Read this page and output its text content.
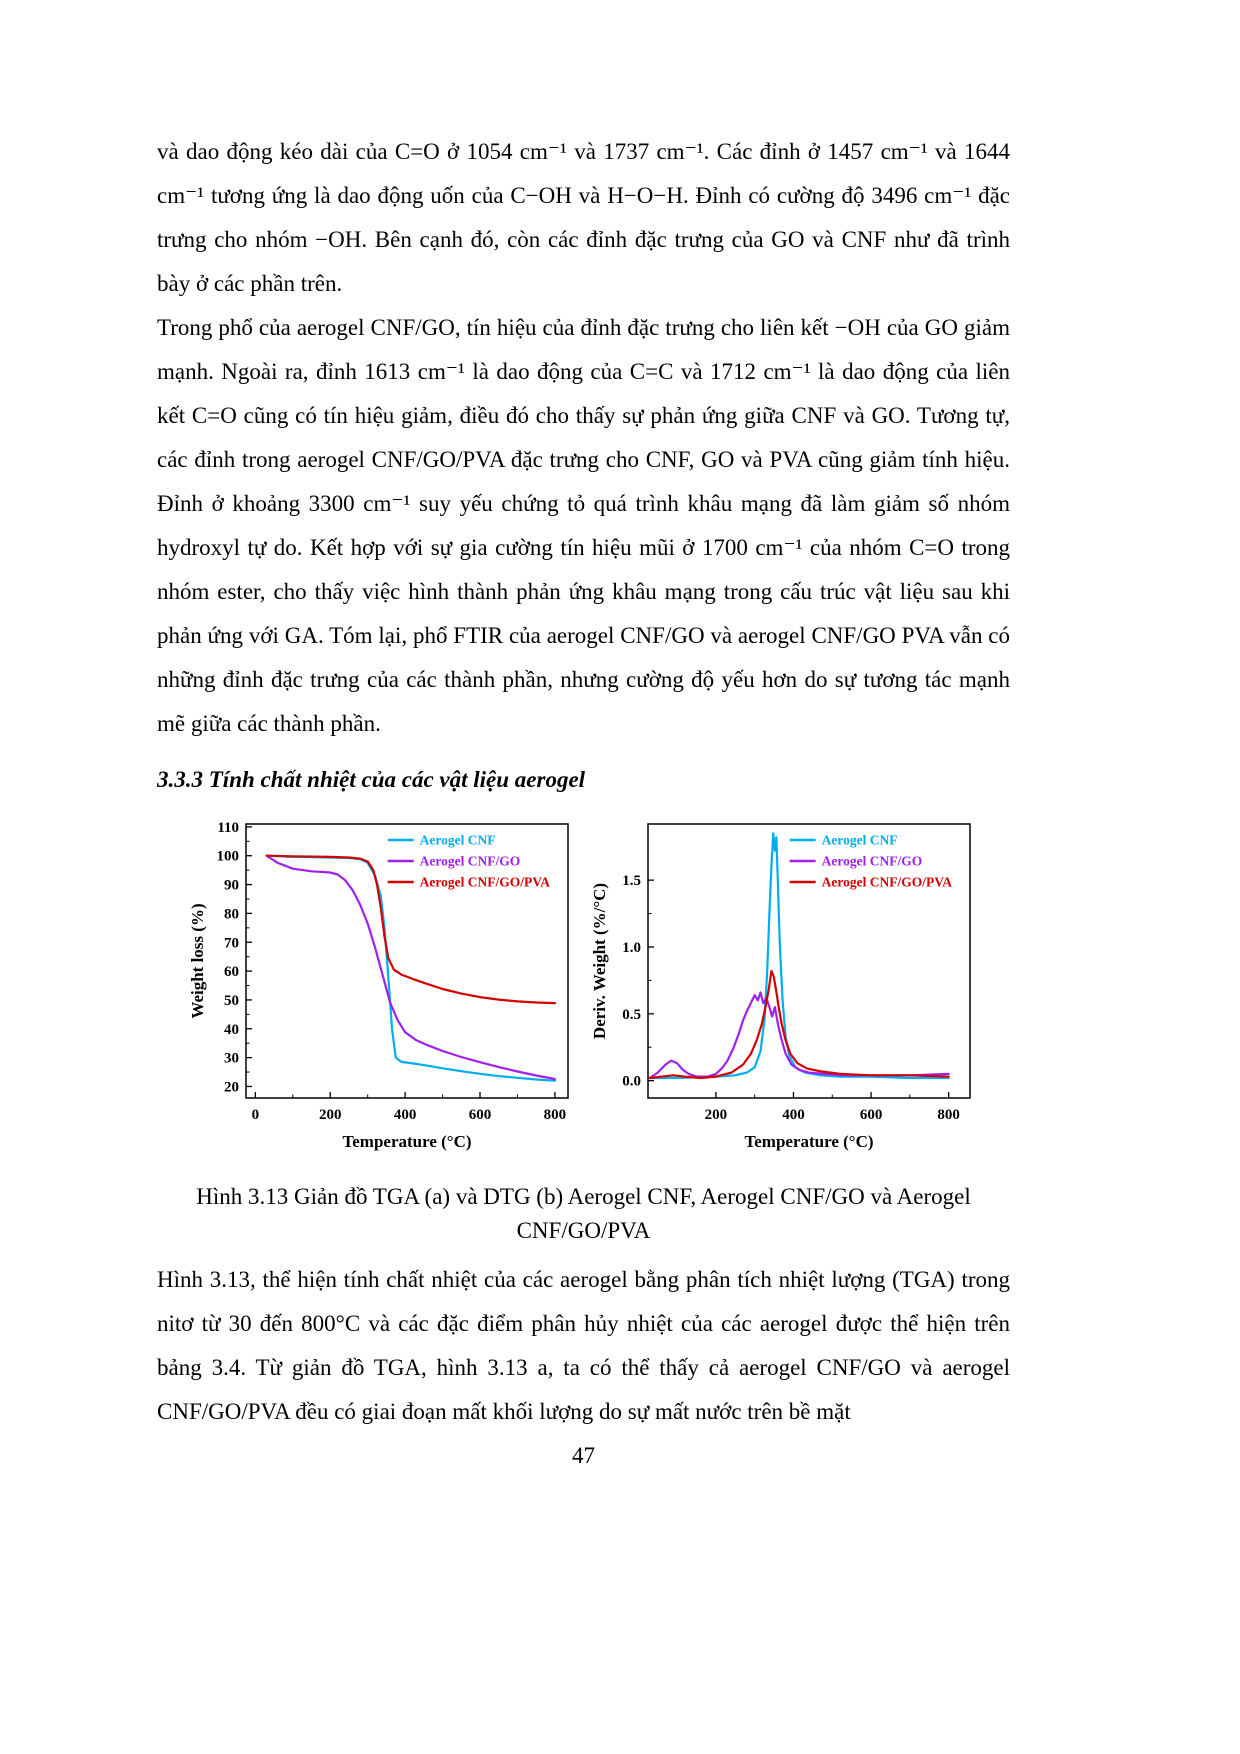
và dao động kéo dài của C=O ở 1054 cm⁻¹ và 1737 cm⁻¹. Các đỉnh ở 1457 cm⁻¹ và 1644 cm⁻¹ tương ứng là dao động uốn của C−OH và H−O−H. Đỉnh có cường độ 3496 cm⁻¹ đặc trưng cho nhóm −OH. Bên cạnh đó, còn các đỉnh đặc trưng của GO và CNF như đã trình bày ở các phần trên.

Trong phổ của aerogel CNF/GO, tín hiệu của đỉnh đặc trưng cho liên kết −OH của GO giảm mạnh. Ngoài ra, đỉnh 1613 cm⁻¹ là dao động của C=C và 1712 cm⁻¹ là dao động của liên kết C=O cũng có tín hiệu giảm, điều đó cho thấy sự phản ứng giữa CNF và GO. Tương tự, các đỉnh trong aerogel CNF/GO/PVA đặc trưng cho CNF, GO và PVA cũng giảm tính hiệu. Đỉnh ở khoảng 3300 cm⁻¹ suy yếu chứng tỏ quá trình khâu mạng đã làm giảm số nhóm hydroxyl tự do. Kết hợp với sự gia cường tín hiệu mũi ở 1700 cm⁻¹ của nhóm C=O trong nhóm ester, cho thấy việc hình thành phản ứng khâu mạng trong cấu trúc vật liệu sau khi phản ứng với GA. Tóm lại, phổ FTIR của aerogel CNF/GO và aerogel CNF/GO PVA vẫn có những đỉnh đặc trưng của các thành phần, nhưng cường độ yếu hơn do sự tương tác mạnh mẽ giữa các thành phần.

3.3.3 Tính chất nhiệt của các vật liệu aerogel
0	200	400	600	800
20
30
40
50
60
70
80
90
100
110
Temperature (°C)
Weight loss (%)
Aerogel CNF
Aerogel CNF/GO
Aerogel CNF/GO/PVA
200	400	600	800
0.0
0.5
1.0
1.5
Temperature (°C)
Deriv. Weight (%/°C)
Aerogel CNF
Aerogel CNF/GO
Aerogel CNF/GO/PVA

Hình 3.13 Giản đồ TGA (a) và DTG (b) Aerogel CNF, Aerogel CNF/GO và Aerogel CNF/GO/PVA

Hình 3.13, thể hiện tính chất nhiệt của các aerogel bằng phân tích nhiệt lượng (TGA) trong nitơ từ 30 đến 800°C và các đặc điểm phân hủy nhiệt của các aerogel được thể hiện trên bảng 3.4. Từ giản đồ TGA, hình 3.13 a, ta có thể thấy cả aerogel CNF/GO và aerogel CNF/GO/PVA đều có giai đoạn mất khối lượng do sự mất nước trên bề mặt

47
